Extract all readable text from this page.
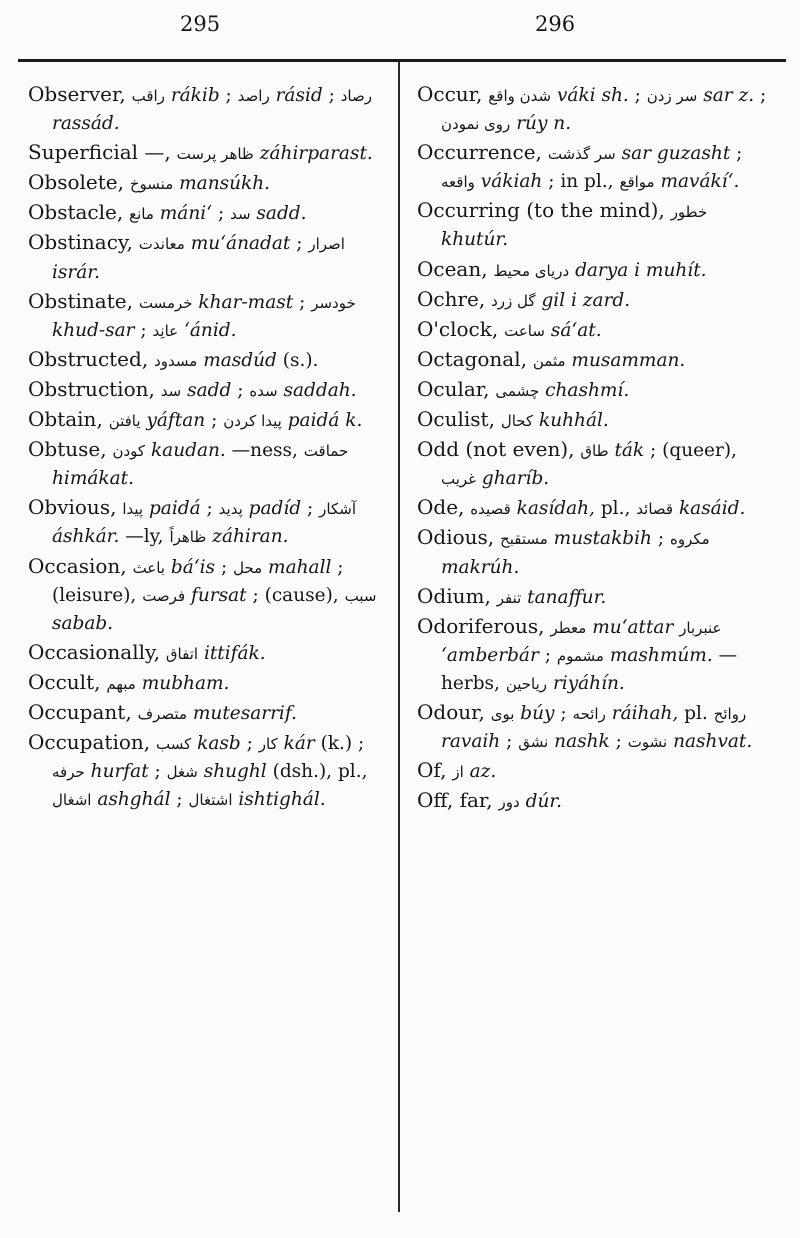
295	296
Observer, راقب rákib ; راصد rásid ; رصاد rassád.
Superficial —, ظاهر پرست záhirparast.
Obsolete, منسوخ mansúkh.
Obstacle, مانع máni‘ ; سد sadd.
Obstinacy, معاندت mu‘ánadat ; اصرار isrár.
Obstinate, خرمست khar-mast ; خودسر khud-sar ; عانِد ‘ánid.
Obstructed, مسدود masdúd (s.).
Obstruction, سد sadd ; سده saddah.
Obtain, يافتن yáftan ; پيدا كردن paidá k.
Obtuse, كودن kaudan. —ness, حماقت himákat.
Obvious, پيدا paidá ; پديد padíd ; آشكار áshkár. —ly, ظاهراً záhiran.
Occasion, باعث bá‘is ; محل mahall ; (leisure), فرصت fursat ; (cause), سبب sabab.
Occasionally, اتفاق ittifák.
Occult, مبهم mubham.
Occupant, متصرف mutesarrif.
Occupation, كسب kasb ; كار kár (k.) ; حرفه hurfat ; شغل shughl (dsh.), pl., اشغال ashghál ; اشتغال ishtighál.
Occur, شدن واقع váki sh. ; سر زدن sar z. ; روى نمودن rúy n.
Occurrence, سر گذشت sar guzasht ; واقعه vákiah ; in pl., مواقع mavákí‘.
Occurring (to the mind), خطور khutúr.
Ocean, درياى محيط darya i muhít.
Ochre, گل زرد gil i zard.
O'clock, ساعت sá‘at.
Octagonal, مثمن musamman.
Ocular, چشمى chashmí.
Oculist, كحال kuhhál.
Odd (not even), طاق ták ; (queer), غريب gharíb.
Ode, قصيده kasídah, pl., قصائد kasáid.
Odious, مستقبح mustakbih ; مكروه makrúh.
Odium, تنفر tanaffur.
Odoriferous, معطر mu‘attar عنبربار ‘amberbár ; مشموم mashmúm. — herbs, رياحين riyáhín.
Odour, بوى búy ; رائحه ráihah, pl. روائح ravaih ; نشق nashk ; نشوت nashvat.
Of, از az.
Off, far, دور dúr.
